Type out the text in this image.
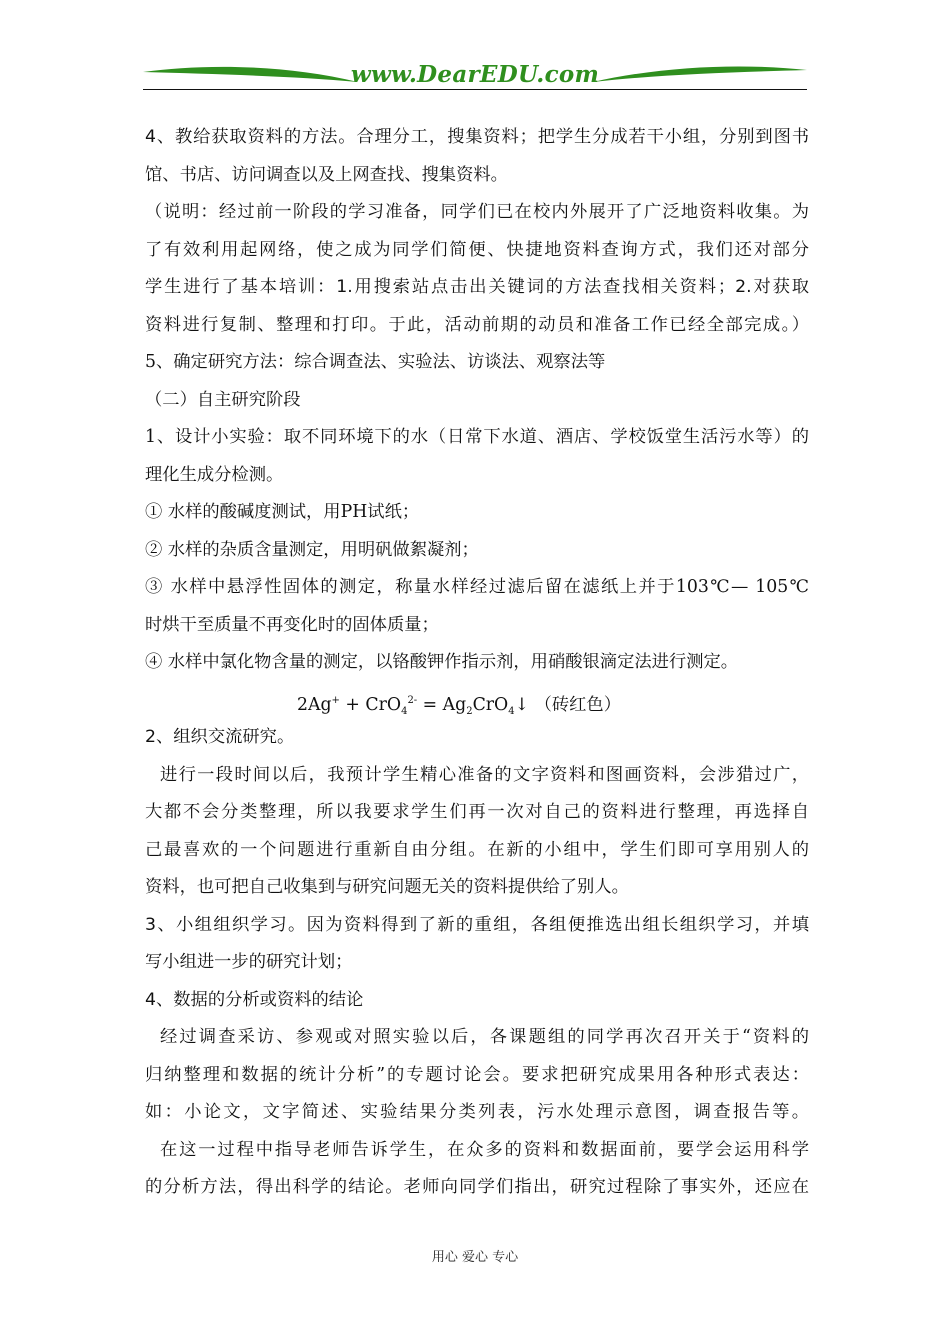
www.DearEDU.com
4、教给获取资料的方法。合理分工，搜集资料；把学生分成若干小组，分别到图书
馆、书店、访问调查以及上网查找、搜集资料。
（说明：经过前一阶段的学习准备，同学们已在校内外展开了广泛地资料收集。为
了有效利用起网络，使之成为同学们简便、快捷地资料查询方式，我们还对部分
学生进行了基本培训：1.用搜索站点击出关键词的方法查找相关资料；2.对获取
资料进行复制、整理和打印。于此，活动前期的动员和准备工作已经全部完成。）
5、确定研究方法：综合调查法、实验法、访谈法、观察法等
（二）自主研究阶段
1、设计小实验：取不同环境下的水（日常下水道、酒店、学校饭堂生活污水等）的
理化生成分检测。
① 水样的酸碱度测试，用PH试纸；
② 水样的杂质含量测定，用明矾做絮凝剂；
③ 水样中悬浮性固体的测定，称量水样经过滤后留在滤纸上并于103℃— 105℃
时烘干至质量不再变化时的固体质量；
④ 水样中氯化物含量的测定，以铬酸钾作指示剂，用硝酸银滴定法进行测定。
$2Ag^+ + CrO_4^{2-} = Ag_2CrO_4↓$ （砖红色）
2、组织交流研究。
进行一段时间以后，我预计学生精心准备的文字资料和图画资料，会涉猎过广，
大都不会分类整理，所以我要求学生们再一次对自己的资料进行整理，再选择自
己最喜欢的一个问题进行重新自由分组。在新的小组中，学生们即可享用别人的
资料，也可把自己收集到与研究问题无关的资料提供给了别人。
3、小组组织学习。因为资料得到了新的重组，各组便推选出组长组织学习，并填
写小组进一步的研究计划；
4、数据的分析或资料的结论
经过调查采访、参观或对照实验以后，各课题组的同学再次召开关于“资料的
归纳整理和数据的统计分析”的专题讨论会。要求把研究成果用各种形式表达：
如：小论文，文字简述、实验结果分类列表，污水处理示意图，调查报告等。
在这一过程中指导老师告诉学生，在众多的资料和数据面前，要学会运用科学
的分析方法，得出科学的结论。老师向同学们指出，研究过程除了事实外，还应在
用心 爱心 专心
